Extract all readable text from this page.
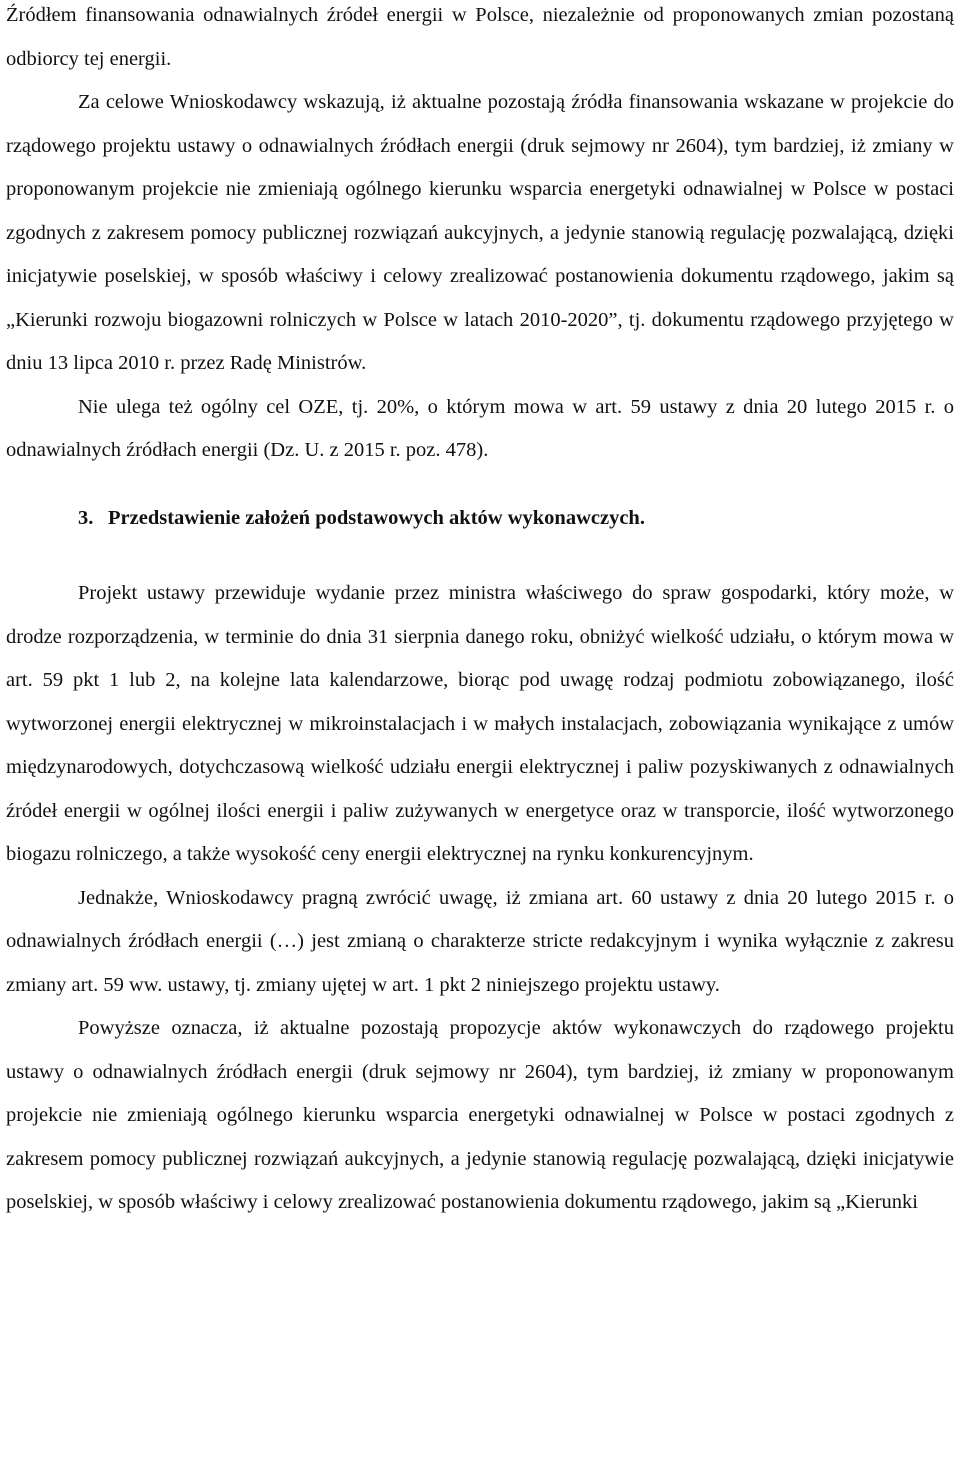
Źródłem finansowania odnawialnych źródeł energii w Polsce, niezależnie od proponowanych zmian pozostaną odbiorcy tej energii.

Za celowe Wnioskodawcy wskazują, iż aktualne pozostają źródła finansowania wskazane w projekcie do rządowego projektu ustawy o odnawialnych źródłach energii (druk sejmowy nr 2604), tym bardziej, iż zmiany w proponowanym projekcie nie zmieniają ogólnego kierunku wsparcia energetyki odnawialnej w Polsce w postaci zgodnych z zakresem pomocy publicznej rozwiązań aukcyjnych, a jedynie stanowią regulację pozwalającą, dzięki inicjatywie poselskiej, w sposób właściwy i celowy zrealizować postanowienia dokumentu rządowego, jakim są „Kierunki rozwoju biogazowni rolniczych w Polsce w latach 2010-2020”, tj. dokumentu rządowego przyjętego w dniu 13 lipca 2010 r. przez Radę Ministrów.

Nie ulega też ogólny cel OZE, tj. 20%, o którym mowa w art. 59 ustawy z dnia 20 lutego 2015 r. o odnawialnych źródłach energii (Dz. U. z 2015 r. poz. 478).

3. Przedstawienie założeń podstawowych aktów wykonawczych.

Projekt ustawy przewiduje wydanie przez ministra właściwego do spraw gospodarki, który może, w drodze rozporządzenia, w terminie do dnia 31 sierpnia danego roku, obniżyć wielkość udziału, o którym mowa w art. 59 pkt 1 lub 2, na kolejne lata kalendarzowe, biorąc pod uwagę rodzaj podmiotu zobowiązanego, ilość wytworzonej energii elektrycznej w mikroinstalacjach i w małych instalacjach, zobowiązania wynikające z umów międzynarodowych, dotychczasową wielkość udziału energii elektrycznej i paliw pozyskiwanych z odnawialnych źródeł energii w ogólnej ilości energii i paliw zużywanych w energetyce oraz w transporcie, ilość wytworzonego biogazu rolniczego, a także wysokość ceny energii elektrycznej na rynku konkurencyjnym.

Jednakże, Wnioskodawcy pragną zwrócić uwagę, iż zmiana art. 60 ustawy z dnia 20 lutego 2015 r. o odnawialnych źródłach energii (…) jest zmianą o charakterze stricte redakcyjnym i wynika wyłącznie z zakresu zmiany art. 59 ww. ustawy, tj. zmiany ujętej w art. 1 pkt 2 niniejszego projektu ustawy.

Powyższe oznacza, iż aktualne pozostają propozycje aktów wykonawczych do rządowego projektu ustawy o odnawialnych źródłach energii (druk sejmowy nr 2604), tym bardziej, iż zmiany w proponowanym projekcie nie zmieniają ogólnego kierunku wsparcia energetyki odnawialnej w Polsce w postaci zgodnych z zakresem pomocy publicznej rozwiązań aukcyjnych, a jedynie stanowią regulację pozwalającą, dzięki inicjatywie poselskiej, w sposób właściwy i celowy zrealizować postanowienia dokumentu rządowego, jakim są „Kierunki
